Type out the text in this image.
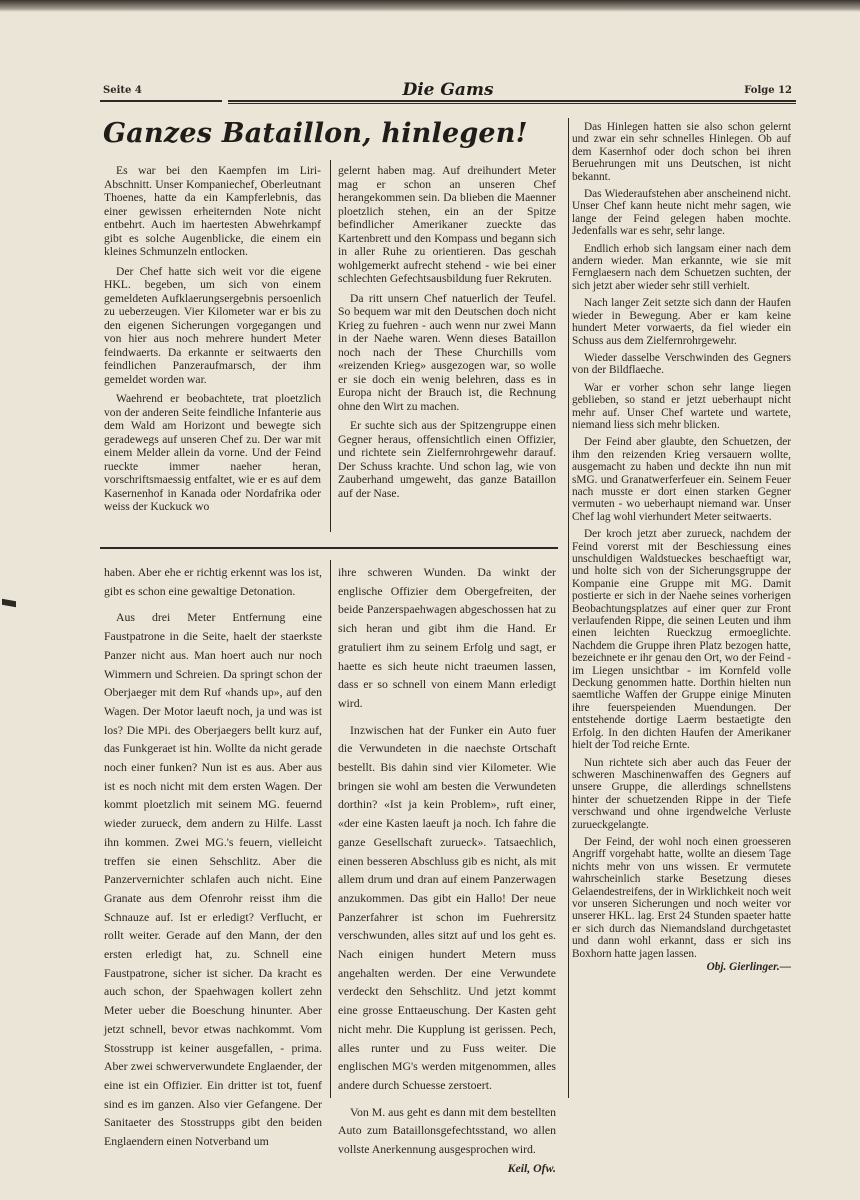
Seite 4	Die Gams	Folge 12
Ganzes Bataillon, hinlegen!

Es war bei den Kaempfen im Liri-Abschnitt. Unser Kompaniechef, Oberleutnant Thoenes, hatte da ein Kampferlebnis, das einer gewissen erheiternden Note nicht entbehrt. Auch im haertesten Abwehrkampf gibt es solche Augenblicke, die einem ein kleines Schmunzeln entlocken.

Der Chef hatte sich weit vor die eigene HKL. begeben, um sich von einem gemeldeten Aufklaerungsergebnis persoenlich zu ueberzeugen. Vier Kilometer war er bis zu den eigenen Sicherungen vorgegangen und von hier aus noch mehrere hundert Meter feindwaerts. Da erkannte er seitwaerts den feindlichen Panzeraufmarsch, der ihm gemeldet worden war.

Waehrend er beobachtete, trat ploetzlich von der anderen Seite feindliche Infanterie aus dem Wald am Horizont und bewegte sich geradewegs auf unseren Chef zu. Der war mit einem Melder allein da vorne. Und der Feind rueckte immer naeher heran, vorschriftsmaessig entfaltet, wie er es auf dem Kasernenhof in Kanada oder Nordafrika oder weiss der Kuckuck wo

gelernt haben mag. Auf dreihundert Meter mag er schon an unseren Chef herangekommen sein. Da blieben die Maenner ploetzlich stehen, ein an der Spitze befindlicher Amerikaner zueckte das Kartenbrett und den Kompass und begann sich in aller Ruhe zu orientieren. Das geschah wohlgemerkt aufrecht stehend - wie bei einer schlechten Gefechtsausbildung fuer Rekruten.

Da ritt unsern Chef natuerlich der Teufel. So bequem war mit den Deutschen doch nicht Krieg zu fuehren - auch wenn nur zwei Mann in der Naehe waren. Wenn dieses Bataillon noch nach der These Churchills vom «reizenden Krieg» ausgezogen war, so wolle er sie doch ein wenig belehren, dass es in Europa nicht der Brauch ist, die Rechnung ohne den Wirt zu machen.

Er suchte sich aus der Spitzengruppe einen Gegner heraus, offensichtlich einen Offizier, und richtete sein Zielfernrohrgewehr darauf. Der Schuss krachte. Und schon lag, wie von Zauberhand umgeweht, das ganze Bataillon auf der Nase.

Das Hinlegen hatten sie also schon gelernt und zwar ein sehr schnelles Hinlegen. Ob auf dem Kasernhof oder doch schon bei ihren Beruehrungen mit uns Deutschen, ist nicht bekannt.

Das Wiederaufstehen aber anscheinend nicht. Unser Chef kann heute nicht mehr sagen, wie lange der Feind gelegen haben mochte. Jedenfalls war es sehr, sehr lange.

Endlich erhob sich langsam einer nach dem andern wieder. Man erkannte, wie sie mit Fernglaesern nach dem Schuetzen suchten, der sich jetzt aber wieder sehr still verhielt.

Nach langer Zeit setzte sich dann der Haufen wieder in Bewegung. Aber er kam keine hundert Meter vorwaerts, da fiel wieder ein Schuss aus dem Zielfernrohrgewehr.

Wieder dasselbe Verschwinden des Gegners von der Bildflaeche.

War er vorher schon sehr lange liegen geblieben, so stand er jetzt ueberhaupt nicht mehr auf. Unser Chef wartete und wartete, niemand liess sich mehr blicken.

Der Feind aber glaubte, den Schuetzen, der ihm den reizenden Krieg versauern wollte, ausgemacht zu haben und deckte ihn nun mit sMG. und Granatwerferfeuer ein. Seinem Feuer nach musste er dort einen starken Gegner vermuten - wo ueberhaupt niemand war. Unser Chef lag wohl vierhundert Meter seitwaerts.

Der kroch jetzt aber zurueck, nachdem der Feind vorerst mit der Beschiessung eines unschuldigen Waldstueckes beschaeftigt war, und holte sich von der Sicherungsgruppe der Kompanie eine Gruppe mit MG. Damit postierte er sich in der Naehe seines vorherigen Beobachtungsplatzes auf einer quer zur Front verlaufenden Rippe, die seinen Leuten und ihm einen leichten Rueckzug ermoeglichte. Nachdem die Gruppe ihren Platz bezogen hatte, bezeichnete er ihr genau den Ort, wo der Feind - im Liegen unsichtbar - im Kornfeld volle Deckung genommen hatte. Dorthin hielten nun saemtliche Waffen der Gruppe einige Minuten ihre feuerspeienden Muendungen. Der entstehende dortige Laerm bestaetigte den Erfolg. In den dichten Haufen der Amerikaner hielt der Tod reiche Ernte.

Nun richtete sich aber auch das Feuer der schweren Maschinenwaffen des Gegners auf unsere Gruppe, die allerdings schnellstens hinter der schuetzenden Rippe in der Tiefe verschwand und ohne irgendwelche Verluste zurueckgelangte.

Der Feind, der wohl noch einen groesseren Angriff vorgehabt hatte, wollte an diesem Tage nichts mehr von uns wissen. Er vermutete wahrscheinlich starke Besetzung dieses Gelaendestreifens, der in Wirklichkeit noch weit vor unseren Sicherungen und noch weiter vor unserer HKL. lag. Erst 24 Stunden spaeter hatte er sich durch das Niemandsland durchgetastet und dann wohl erkannt, dass er sich ins Boxhorn hatte jagen lassen.

Obj. Gierlinger.—

haben. Aber ehe er richtig erkennt was los ist, gibt es schon eine gewaltige Detonation.

Aus drei Meter Entfernung eine Faustpatrone in die Seite, haelt der staerkste Panzer nicht aus. Man hoert auch nur noch Wimmern und Schreien. Da springt schon der Oberjaeger mit dem Ruf «hands up», auf den Wagen. Der Motor laeuft noch, ja und was ist los? Die MPi. des Oberjaegers bellt kurz auf, das Funkgeraet ist hin. Wollte da nicht gerade noch einer funken? Nun ist es aus. Aber aus ist es noch nicht mit dem ersten Wagen. Der kommt ploetzlich mit seinem MG. feuernd wieder zurueck, dem andern zu Hilfe. Lasst ihn kommen. Zwei MG.'s feuern, vielleicht treffen sie einen Sehschlitz. Aber die Panzervernichter schlafen auch nicht. Eine Granate aus dem Ofenrohr reisst ihm die Schnauze auf. Ist er erledigt? Verflucht, er rollt weiter. Gerade auf den Mann, der den ersten erledigt hat, zu. Schnell eine Faustpatrone, sicher ist sicher. Da kracht es auch schon, der Spaehwagen kollert zehn Meter ueber die Boeschung hinunter. Aber jetzt schnell, bevor etwas nachkommt. Vom Stosstrupp ist keiner ausgefallen, - prima. Aber zwei schwerverwundete Englaender, der eine ist ein Offizier. Ein dritter ist tot, fuenf sind es im ganzen. Also vier Gefangene. Der Sanitaeter des Stosstrupps gibt den beiden Englaendern einen Notverband um

ihre schweren Wunden. Da winkt der englische Offizier dem Obergefreiten, der beide Panzerspaehwagen abgeschossen hat zu sich heran und gibt ihm die Hand. Er gratuliert ihm zu seinem Erfolg und sagt, er haette es sich heute nicht traeumen lassen, dass er so schnell von einem Mann erledigt wird.

Inzwischen hat der Funker ein Auto fuer die Verwundeten in die naechste Ortschaft bestellt. Bis dahin sind vier Kilometer. Wie bringen sie wohl am besten die Verwundeten dorthin? «Ist ja kein Problem», ruft einer, «der eine Kasten laeuft ja noch. Ich fahre die ganze Gesellschaft zurueck». Tatsaechlich, einen besseren Abschluss gib es nicht, als mit allem drum und dran auf einem Panzerwagen anzukommen. Das gibt ein Hallo! Der neue Panzerfahrer ist schon im Fuehrersitz verschwunden, alles sitzt auf und los geht es. Nach einigen hundert Metern muss angehalten werden. Der eine Verwundete verdeckt den Sehschlitz. Und jetzt kommt eine grosse Enttaeuschung. Der Kasten geht nicht mehr. Die Kupplung ist gerissen. Pech, alles runter und zu Fuss weiter. Die englischen MG's werden mitgenommen, alles andere durch Schuesse zerstoert.

Von M. aus geht es dann mit dem bestellten Auto zum Bataillonsgefechtsstand, wo allen vollste Anerkennung ausgesprochen wird.
Keil, Ofw.
